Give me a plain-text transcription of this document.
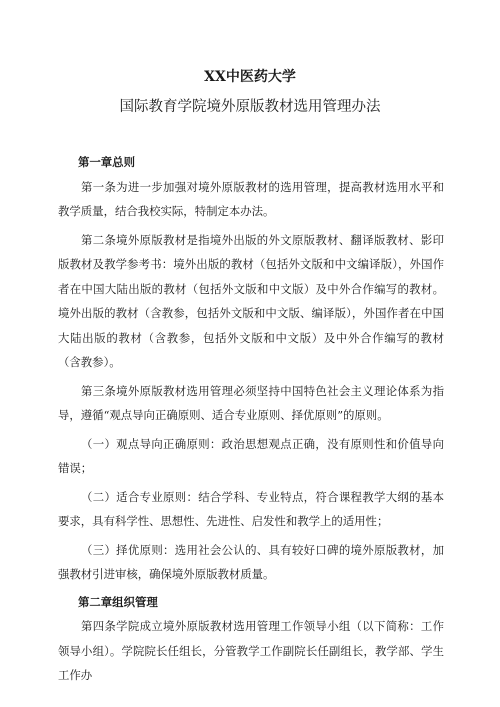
XX中医药大学
国际教育学院境外原版教材选用管理办法

第一章总则

第一条为进一步加强对境外原版教材的选用管理，提高教材选用水平和教学质量，结合我校实际，特制定本办法。

第二条境外原版教材是指境外出版的外文原版教材、翻译版教材、影印版教材及教学参考书：境外出版的教材（包括外文版和中文编译版），外国作者在中国大陆出版的教材（包括外文版和中文版）及中外合作编写的教材。境外出版的教材（含教参，包括外文版和中文版、编译版），外国作者在中国大陆出版的教材（含教参，包括外文版和中文版）及中外合作编写的教材（含教参）。

第三条境外原版教材选用管理必须坚持中国特色社会主义理论体系为指导，遵循“观点导向正确原则、适合专业原则、择优原则”的原则。

（一）观点导向正确原则：政治思想观点正确，没有原则性和价值导向错误；

（二）适合专业原则：结合学科、专业特点，符合课程教学大纲的基本要求，具有科学性、思想性、先进性、启发性和教学上的适用性；

（三）择优原则：选用社会公认的、具有较好口碑的境外原版教材，加强教材引进审核，确保境外原版教材质量。

第二章组织管理

第四条学院成立境外原版教材选用管理工作领导小组（以下简称：工作领导小组）。学院院长任组长，分管教学工作副院长任副组长，教学部、学生工作办
